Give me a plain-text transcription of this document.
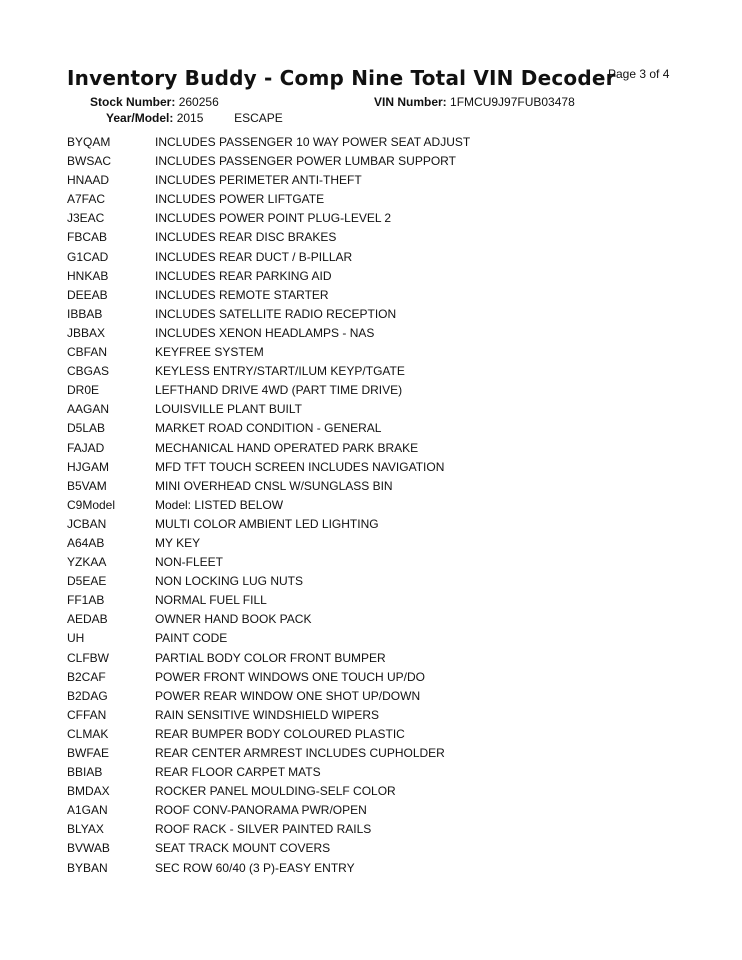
Inventory Buddy - Comp Nine Total VIN Decoder
Page 3 of 4
Stock Number: 260256	VIN Number: 1FMCU9J97FUB03478
Year/Model: 2015	ESCAPE
BYQAM	INCLUDES PASSENGER 10 WAY POWER SEAT ADJUST
BWSAC	INCLUDES PASSENGER POWER LUMBAR SUPPORT
HNAAD	INCLUDES PERIMETER ANTI-THEFT
A7FAC	INCLUDES POWER LIFTGATE
J3EAC	INCLUDES POWER POINT PLUG-LEVEL 2
FBCAB	INCLUDES REAR DISC BRAKES
G1CAD	INCLUDES REAR DUCT / B-PILLAR
HNKAB	INCLUDES REAR PARKING AID
DEEAB	INCLUDES REMOTE STARTER
IBBAB	INCLUDES SATELLITE RADIO RECEPTION
JBBAX	INCLUDES XENON HEADLAMPS - NAS
CBFAN	KEYFREE SYSTEM
CBGAS	KEYLESS ENTRY/START/ILUM KEYP/TGATE
DR0E	LEFTHAND DRIVE 4WD (PART TIME DRIVE)
AAGAN	LOUISVILLE PLANT BUILT
D5LAB	MARKET ROAD CONDITION - GENERAL
FAJAD	MECHANICAL HAND OPERATED PARK BRAKE
HJGAM	MFD TFT TOUCH SCREEN INCLUDES NAVIGATION
B5VAM	MINI OVERHEAD CNSL W/SUNGLASS BIN
C9Model	Model: LISTED BELOW
JCBAN	MULTI COLOR AMBIENT LED LIGHTING
A64AB	MY KEY
YZKAA	NON-FLEET
D5EAE	NON LOCKING LUG NUTS
FF1AB	NORMAL FUEL FILL
AEDAB	OWNER HAND BOOK PACK
UH	PAINT CODE
CLFBW	PARTIAL BODY COLOR FRONT BUMPER
B2CAF	POWER FRONT WINDOWS ONE TOUCH UP/DO
B2DAG	POWER REAR WINDOW ONE SHOT UP/DOWN
CFFAN	RAIN SENSITIVE WINDSHIELD WIPERS
CLMAK	REAR BUMPER BODY COLOURED PLASTIC
BWFAE	REAR CENTER ARMREST INCLUDES CUPHOLDER
BBIAB	REAR FLOOR CARPET MATS
BMDAX	ROCKER PANEL MOULDING-SELF COLOR
A1GAN	ROOF CONV-PANORAMA PWR/OPEN
BLYAX	ROOF RACK - SILVER PAINTED RAILS
BVWAB	SEAT TRACK MOUNT COVERS
BYBAN	SEC ROW 60/40 (3 P)-EASY ENTRY
